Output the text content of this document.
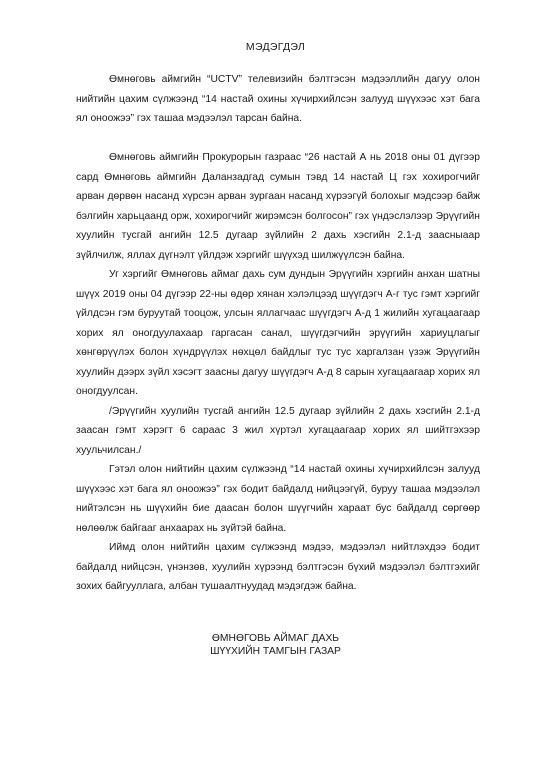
МЭДЭГДЭЛ

Өмнөговь аймгийн “UCTV” телевизийн бэлтгэсэн мэдээллийн дагуу олон нийтийн цахим сүлжээнд “14 настай охины хүчирхийлсэн залууд шүүхээс хэт бага ял оноожээ” гэх ташаа мэдээлэл тарсан байна.

Өмнөговь аймгийн Прокурорын газраас “26 настай А нь 2018 оны 01 дүгээр сард Өмнөговь аймгийн Даланзадгад сумын тэвд 14 настай Ц гэх хохирогчийг арван дөрвөн насанд хүрсэн арван зургаан насанд хүрээгүй болохыг мэдсээр байж бэлгийн харьцаанд орж, хохирогчийг жирэмсэн болгосон” гэх үндэслэлээр Эрүүгийн хуулийн тусгай ангийн 12.5 дугаар зүйлийн 2 дахь хэсгийн 2.1-д заасныаар зүйлчилж, яллах дүгнэлт үйлдэж хэргийг шүүхэд шилжүүлсэн байна.

Уг хэргийг Өмнөговь аймаг дахь сум дундын Эрүүгийн хэргийн анхан шатны шүүх 2019 оны 04 дүгээр 22-ны өдөр хянан хэлэлцээд шүүгдэгч А-г тус гэмт хэргийг үйлдсэн гэм буруутай тооцож, улсын яллагчаас шүүгдэгч А-д 1 жилийн хугацаагаар хорих ял оногдуулахаар гаргасан санал, шүүгдэгчийн эрүүгийн хариуцлагыг хөнгөрүүлэх болон хүндрүүлэх нөхцөл байдлыг тус тус харгалзан үзэж Эрүүгийн хуулийн дээрх зүйл хэсэгт заасны дагуу шүүгдэгч А-д 8 сарын хугацаагаар хорих ял оногдуулсан.

/Эрүүгийн хуулийн тусгай ангийн 12.5 дугаар зүйлийн 2 дахь хэсгийн 2.1-д заасан гэмт хэрэгт 6 сараас 3 жил хүртэл хугацаагаар хорих ял шийтгэхээр хуульчилсан./

Гэтэл олон нийтийн цахим сүлжээнд “14 настай охины хүчирхийлсэн залууд шүүхээс хэт бага ял оноожээ” гэх бодит байдалд нийцээгүй, буруу ташаа мэдээлэл нийтэлсэн нь шүүхийн бие даасан болон шүүгчийн хараат бус байдалд сөргөөр нөлөөлж байгааг анхаарах нь зүйтэй байна.

Иймд олон нийтийн цахим сүлжээнд мэдээ, мэдээлэл нийтлэхдээ бодит байдалд нийцсэн, үнэнзөв, хуулийн хүрээнд бэлтгэсэн бүхий мэдээлэл бэлтгэхийг зохих байгууллага, албан тушаалтнуудад мэдэгдэж байна.

ӨМНӨГОВЬ АЙМАГ ДАХЬ
ШҮҮХИЙН ТАМГЫН ГАЗАР
